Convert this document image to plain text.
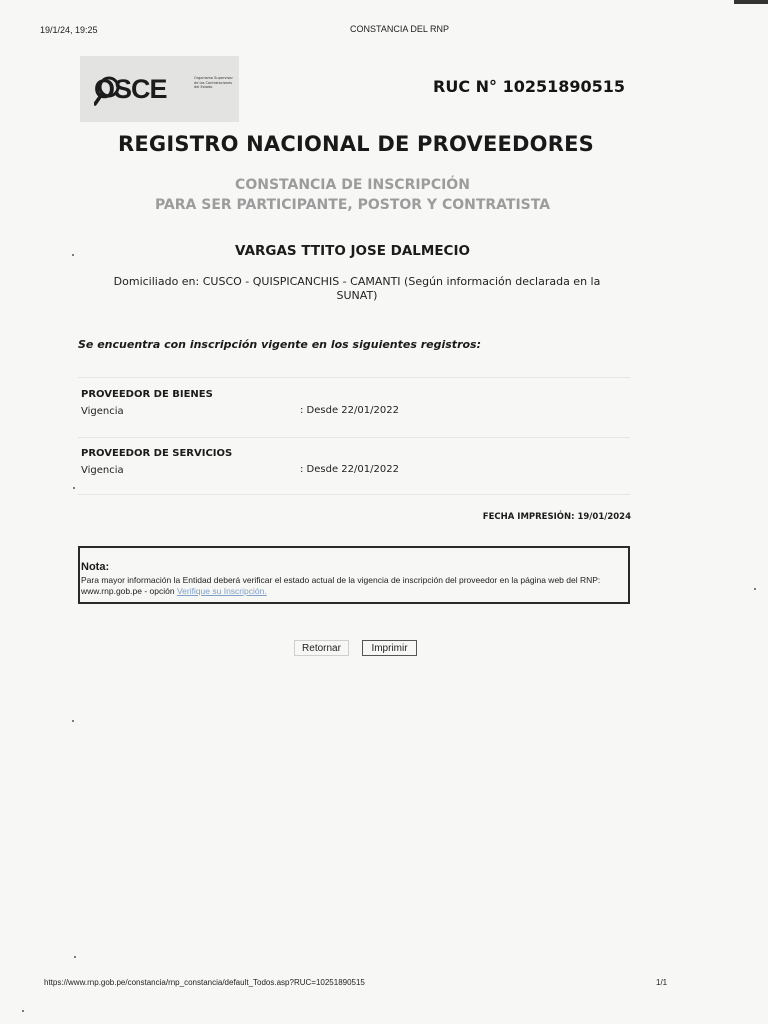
19/1/24, 19:25	CONSTANCIA DEL RNP
OSCE	Organismo Supervisor de las Contrataciones del Estado	RUC N° 10251890515
REGISTRO NACIONAL DE PROVEEDORES
CONSTANCIA DE INSCRIPCIÓN
PARA SER PARTICIPANTE, POSTOR Y CONTRATISTA
VARGAS TTITO JOSE DALMECIO
Domiciliado en: CUSCO - QUISPICANCHIS - CAMANTI (Según información declarada en la SUNAT)
Se encuentra con inscripción vigente en los siguientes registros:
PROVEEDOR DE BIENES
Vigencia	: Desde 22/01/2022
PROVEEDOR DE SERVICIOS
Vigencia	: Desde 22/01/2022
FECHA IMPRESIÓN: 19/01/2024
Nota:
Para mayor información la Entidad deberá verificar el estado actual de la vigencia de inscripción del proveedor en la página web del RNP: www.rnp.gob.pe - opción Verifique su Inscripción.
Retornar	Imprimir
https://www.rnp.gob.pe/constancia/rnp_constancia/default_Todos.asp?RUC=10251890515	1/1
